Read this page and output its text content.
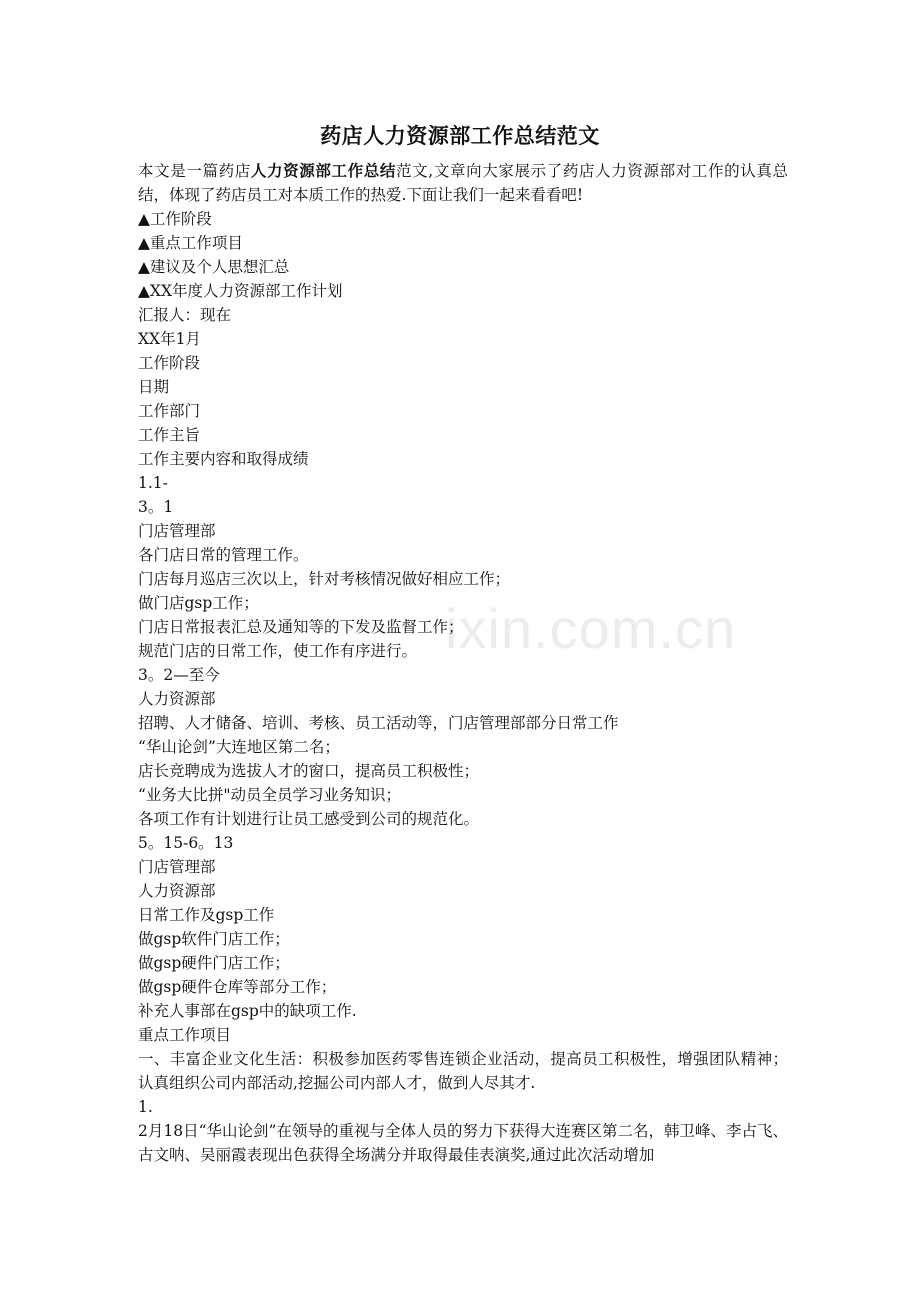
ixin.com.cn
药店人力资源部工作总结范文
本文是一篇药店人力资源部工作总结范文,文章向大家展示了药店人力资源部对工作的认真总结，体现了药店员工对本质工作的热爱.下面让我们一起来看看吧!
▲工作阶段
▲重点工作项目
▲建议及个人思想汇总
▲XX年度人力资源部工作计划
汇报人：现在
XX年1月
工作阶段
日期
工作部门
工作主旨
工作主要内容和取得成绩
1.1-
3。1
门店管理部
各门店日常的管理工作。
门店每月巡店三次以上，针对考核情况做好相应工作；
做门店gsp工作；
门店日常报表汇总及通知等的下发及监督工作；
规范门店的日常工作，使工作有序进行。
3。2—至今
人力资源部
招聘、人才储备、培训、考核、员工活动等，门店管理部部分日常工作
“华山论剑”大连地区第二名；
店长竞聘成为选拔人才的窗口，提高员工积极性；
“业务大比拼"动员全员学习业务知识；
各项工作有计划进行让员工感受到公司的规范化。
5。15-6。13
门店管理部
人力资源部
日常工作及gsp工作
做gsp软件门店工作；
做gsp硬件门店工作；
做gsp硬件仓库等部分工作；
补充人事部在gsp中的缺项工作.
重点工作项目
一、丰富企业文化生活：积极参加医药零售连锁企业活动，提高员工积极性，增强团队精神；认真组织公司内部活动,挖掘公司内部人才，做到人尽其才.
1.
2月18日“华山论剑”在领导的重视与全体人员的努力下获得大连赛区第二名，韩卫峰、李占飞、古文呐、吴丽霞表现出色获得全场满分并取得最佳表演奖,通过此次活动增加
